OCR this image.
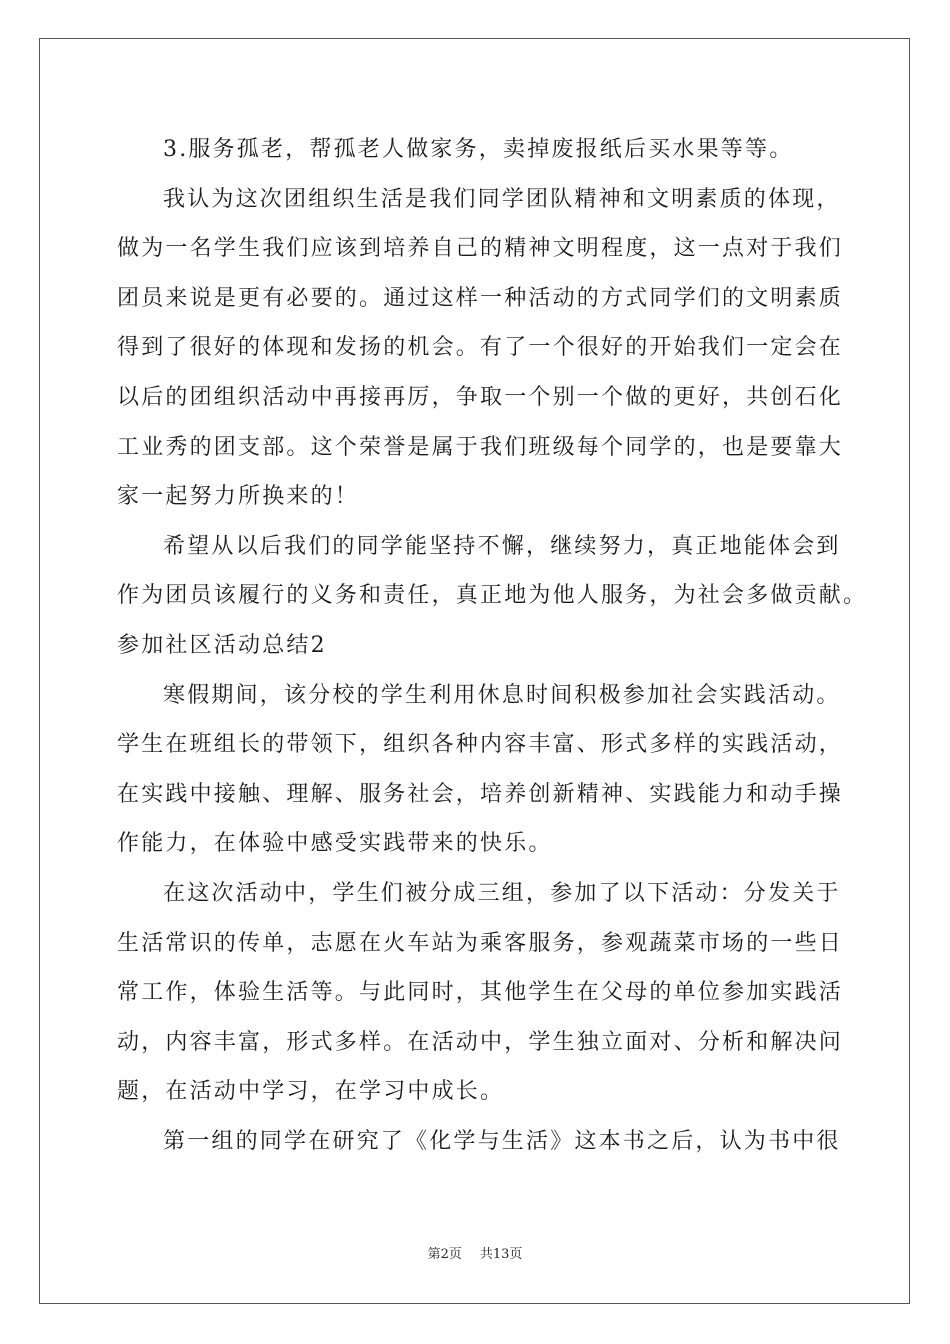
3.服务孤老，帮孤老人做家务，卖掉废报纸后买水果等等。
我认为这次团组织生活是我们同学团队精神和文明素质的体现，
做为一名学生我们应该到培养自己的精神文明程度，这一点对于我们
团员来说是更有必要的。通过这样一种活动的方式同学们的文明素质
得到了很好的体现和发扬的机会。有了一个很好的开始我们一定会在
以后的团组织活动中再接再厉，争取一个别一个做的更好，共创石化
工业秀的团支部。这个荣誉是属于我们班级每个同学的，也是要靠大
家一起努力所换来的！
希望从以后我们的同学能坚持不懈，继续努力，真正地能体会到
作为团员该履行的义务和责任，真正地为他人服务，为社会多做贡献。
参加社区活动总结2
寒假期间，该分校的学生利用休息时间积极参加社会实践活动。
学生在班组长的带领下，组织各种内容丰富、形式多样的实践活动，
在实践中接触、理解、服务社会，培养创新精神、实践能力和动手操
作能力，在体验中感受实践带来的快乐。
在这次活动中，学生们被分成三组，参加了以下活动：分发关于
生活常识的传单，志愿在火车站为乘客服务，参观蔬菜市场的一些日
常工作，体验生活等。与此同时，其他学生在父母的单位参加实践活
动，内容丰富，形式多样。在活动中，学生独立面对、分析和解决问
题，在活动中学习，在学习中成长。
第一组的同学在研究了《化学与生活》这本书之后，认为书中很
第2页 共13页
